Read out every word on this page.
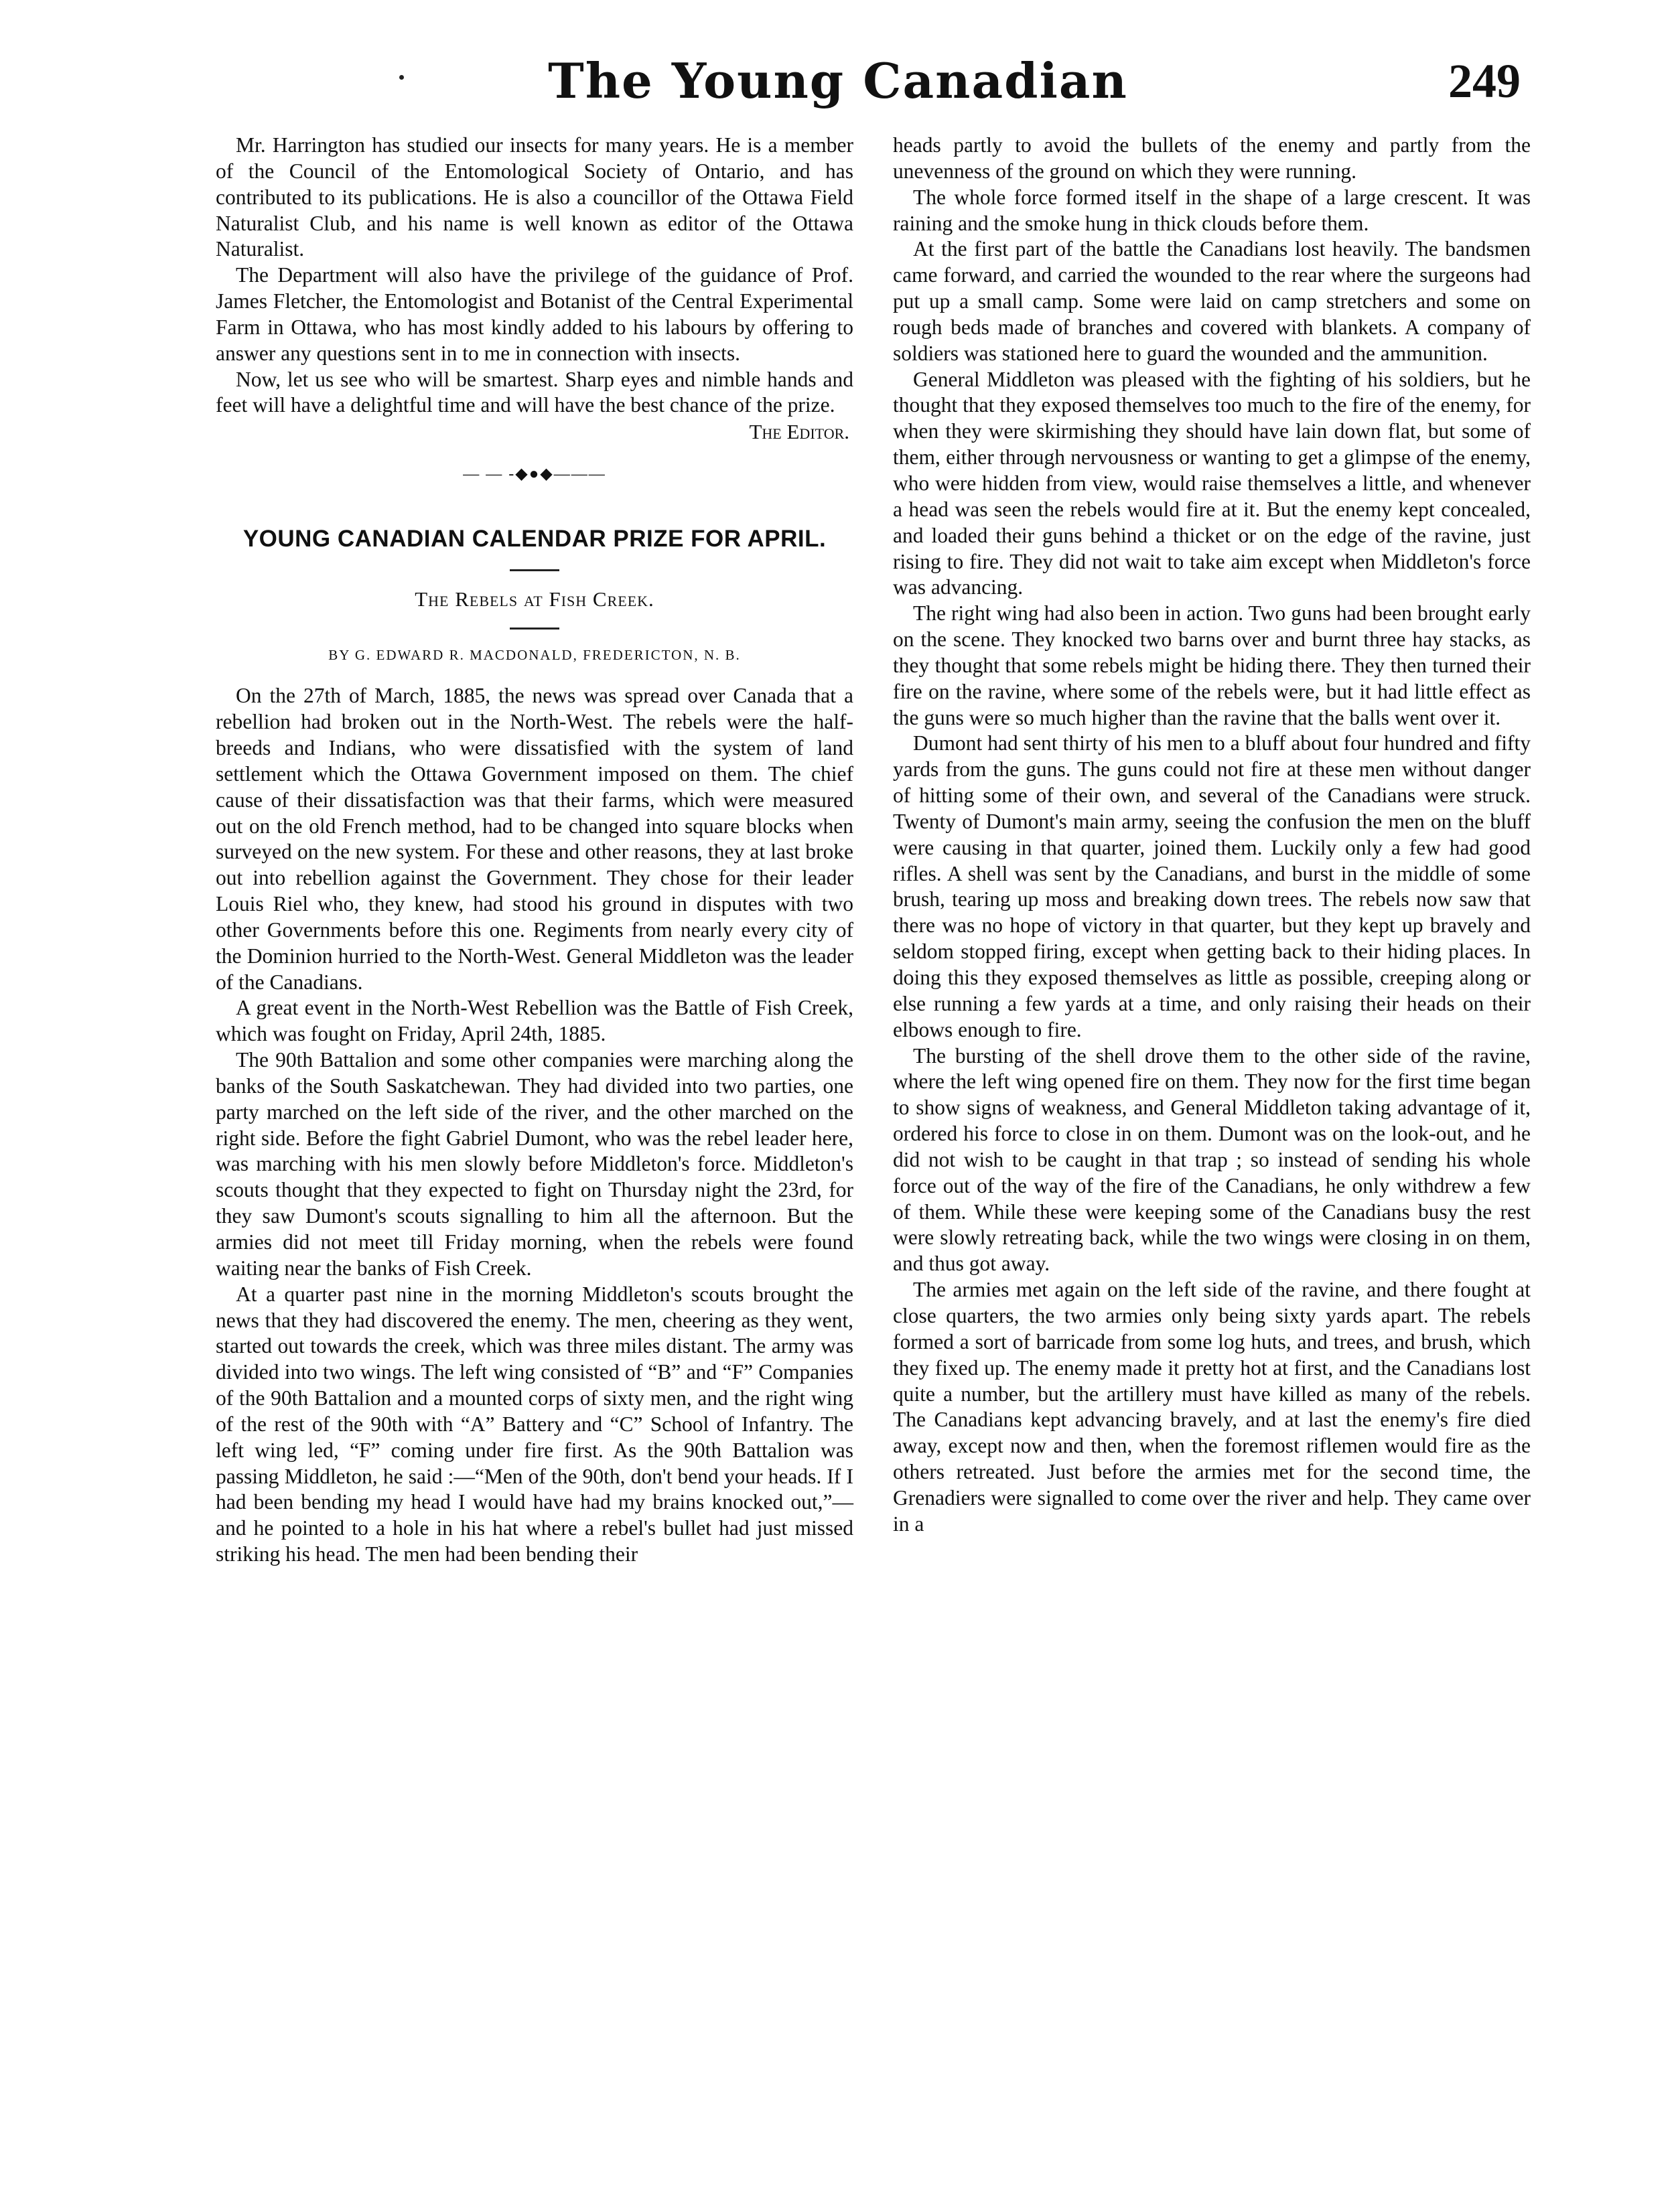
The Young Canadian	249

Mr. Harrington has studied our insects for many years. He is a member of the Council of the Entomological Society of Ontario, and has contributed to its publications. He is also a councillor of the Ottawa Field Naturalist Club, and his name is well known as editor of the Ottawa Naturalist.

The Department will also have the privilege of the guidance of Prof. James Fletcher, the Entomologist and Botanist of the Central Experimental Farm in Ottawa, who has most kindly added to his labours by offering to answer any questions sent in to me in connection with insects.

Now, let us see who will be smartest. Sharp eyes and nimble hands and feet will have a delightful time and will have the best chance of the prize.

The Editor.

— — -◆●◆———
YOUNG CANADIAN CALENDAR PRIZE FOR APRIL.

The Rebels at Fish Creek.

BY G. EDWARD R. MACDONALD, FREDERICTON, N. B.

On the 27th of March, 1885, the news was spread over Canada that a rebellion had broken out in the North-West. The rebels were the half-breeds and Indians, who were dissatisfied with the system of land settlement which the Ottawa Government imposed on them. The chief cause of their dissatisfaction was that their farms, which were measured out on the old French method, had to be changed into square blocks when surveyed on the new system. For these and other reasons, they at last broke out into rebellion against the Government. They chose for their leader Louis Riel who, they knew, had stood his ground in disputes with two other Governments before this one. Regiments from nearly every city of the Dominion hurried to the North-West. General Middleton was the leader of the Canadians.

A great event in the North-West Rebellion was the Battle of Fish Creek, which was fought on Friday, April 24th, 1885.

The 90th Battalion and some other companies were marching along the banks of the South Saskatchewan. They had divided into two parties, one party marched on the left side of the river, and the other marched on the right side. Before the fight Gabriel Dumont, who was the rebel leader here, was marching with his men slowly before Middleton's force. Middleton's scouts thought that they expected to fight on Thursday night the 23rd, for they saw Dumont's scouts signalling to him all the afternoon. But the armies did not meet till Friday morning, when the rebels were found waiting near the banks of Fish Creek.

At a quarter past nine in the morning Middleton's scouts brought the news that they had discovered the enemy. The men, cheering as they went, started out towards the creek, which was three miles distant. The army was divided into two wings. The left wing consisted of “B” and “F” Companies of the 90th Battalion and a mounted corps of sixty men, and the right wing of the rest of the 90th with “A” Battery and “C” School of Infantry. The left wing led, “F” coming under fire first. As the 90th Battalion was passing Middleton, he said :—“Men of the 90th, don't bend your heads. If I had been bending my head I would have had my brains knocked out,”—and he pointed to a hole in his hat where a rebel's bullet had just missed striking his head. The men had been bending their

heads partly to avoid the bullets of the enemy and partly from the unevenness of the ground on which they were running.

The whole force formed itself in the shape of a large crescent. It was raining and the smoke hung in thick clouds before them.

At the first part of the battle the Canadians lost heavily. The bandsmen came forward, and carried the wounded to the rear where the surgeons had put up a small camp. Some were laid on camp stretchers and some on rough beds made of branches and covered with blankets. A company of soldiers was stationed here to guard the wounded and the ammunition.

General Middleton was pleased with the fighting of his soldiers, but he thought that they exposed themselves too much to the fire of the enemy, for when they were skirmishing they should have lain down flat, but some of them, either through nervousness or wanting to get a glimpse of the enemy, who were hidden from view, would raise themselves a little, and whenever a head was seen the rebels would fire at it. But the enemy kept concealed, and loaded their guns behind a thicket or on the edge of the ravine, just rising to fire. They did not wait to take aim except when Middleton's force was advancing.

The right wing had also been in action. Two guns had been brought early on the scene. They knocked two barns over and burnt three hay stacks, as they thought that some rebels might be hiding there. They then turned their fire on the ravine, where some of the rebels were, but it had little effect as the guns were so much higher than the ravine that the balls went over it.

Dumont had sent thirty of his men to a bluff about four hundred and fifty yards from the guns. The guns could not fire at these men without danger of hitting some of their own, and several of the Canadians were struck. Twenty of Dumont's main army, seeing the confusion the men on the bluff were causing in that quarter, joined them. Luckily only a few had good rifles. A shell was sent by the Canadians, and burst in the middle of some brush, tearing up moss and breaking down trees. The rebels now saw that there was no hope of victory in that quarter, but they kept up bravely and seldom stopped firing, except when getting back to their hiding places. In doing this they exposed themselves as little as possible, creeping along or else running a few yards at a time, and only raising their heads on their elbows enough to fire.

The bursting of the shell drove them to the other side of the ravine, where the left wing opened fire on them. They now for the first time began to show signs of weakness, and General Middleton taking advantage of it, ordered his force to close in on them. Dumont was on the look-out, and he did not wish to be caught in that trap ; so instead of sending his whole force out of the way of the fire of the Canadians, he only withdrew a few of them. While these were keeping some of the Canadians busy the rest were slowly retreating back, while the two wings were closing in on them, and thus got away.

The armies met again on the left side of the ravine, and there fought at close quarters, the two armies only being sixty yards apart. The rebels formed a sort of barricade from some log huts, and trees, and brush, which they fixed up. The enemy made it pretty hot at first, and the Canadians lost quite a number, but the artillery must have killed as many of the rebels. The Canadians kept advancing bravely, and at last the enemy's fire died away, except now and then, when the foremost riflemen would fire as the others retreated. Just before the armies met for the second time, the Grenadiers were signalled to come over the river and help. They came over in a
